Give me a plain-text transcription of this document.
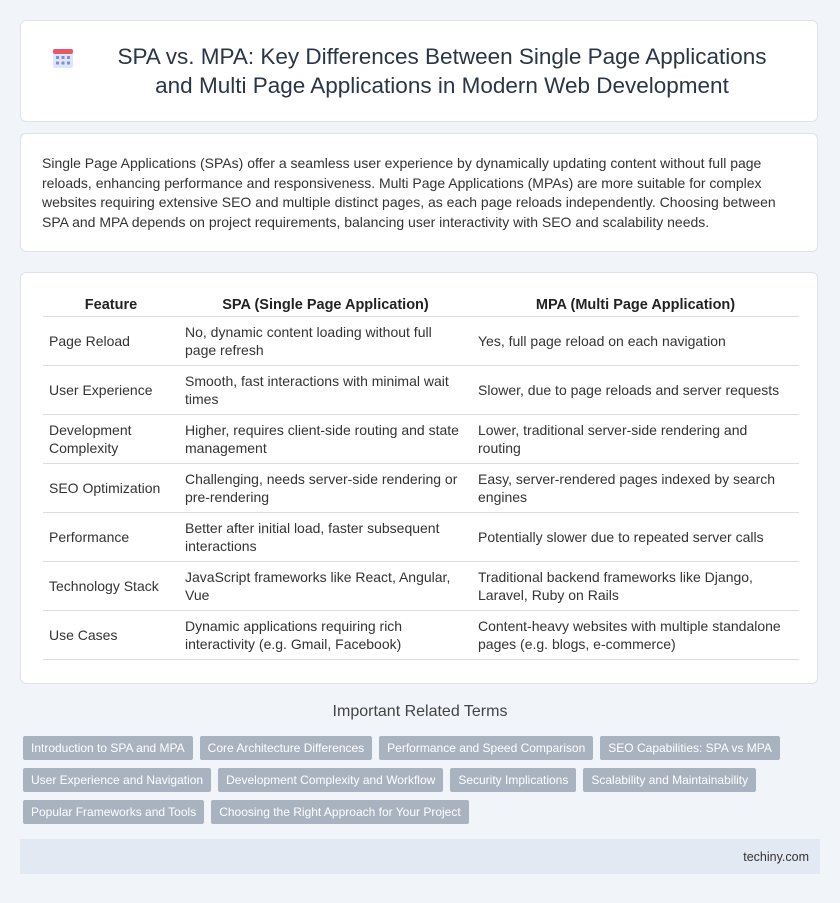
SPA vs. MPA: Key Differences Between Single Page Applications and Multi Page Applications in Modern Web Development

Single Page Applications (SPAs) offer a seamless user experience by dynamically updating content without full page reloads, enhancing performance and responsiveness. Multi Page Applications (MPAs) are more suitable for complex websites requiring extensive SEO and multiple distinct pages, as each page reloads independently. Choosing between SPA and MPA depends on project requirements, balancing user interactivity with SEO and scalability needs.

Feature	SPA (Single Page Application)	MPA (Multi Page Application)
Page Reload	No, dynamic content loading without full page refresh	Yes, full page reload on each navigation
User Experience	Smooth, fast interactions with minimal wait times	Slower, due to page reloads and server requests
Development Complexity	Higher, requires client-side routing and state management	Lower, traditional server-side rendering and routing
SEO Optimization	Challenging, needs server-side rendering or pre-rendering	Easy, server-rendered pages indexed by search engines
Performance	Better after initial load, faster subsequent interactions	Potentially slower due to repeated server calls
Technology Stack	JavaScript frameworks like React, Angular, Vue	Traditional backend frameworks like Django, Laravel, Ruby on Rails
Use Cases	Dynamic applications requiring rich interactivity (e.g. Gmail, Facebook)	Content-heavy websites with multiple standalone pages (e.g. blogs, e-commerce)
Important Related Terms
Introduction to SPA and MPA	Core Architecture Differences	Performance and Speed Comparison	SEO Capabilities: SPA vs MPA
User Experience and Navigation	Development Complexity and Workflow	Security Implications	Scalability and Maintainability
Popular Frameworks and Tools	Choosing the Right Approach for Your Project
techiny.com
